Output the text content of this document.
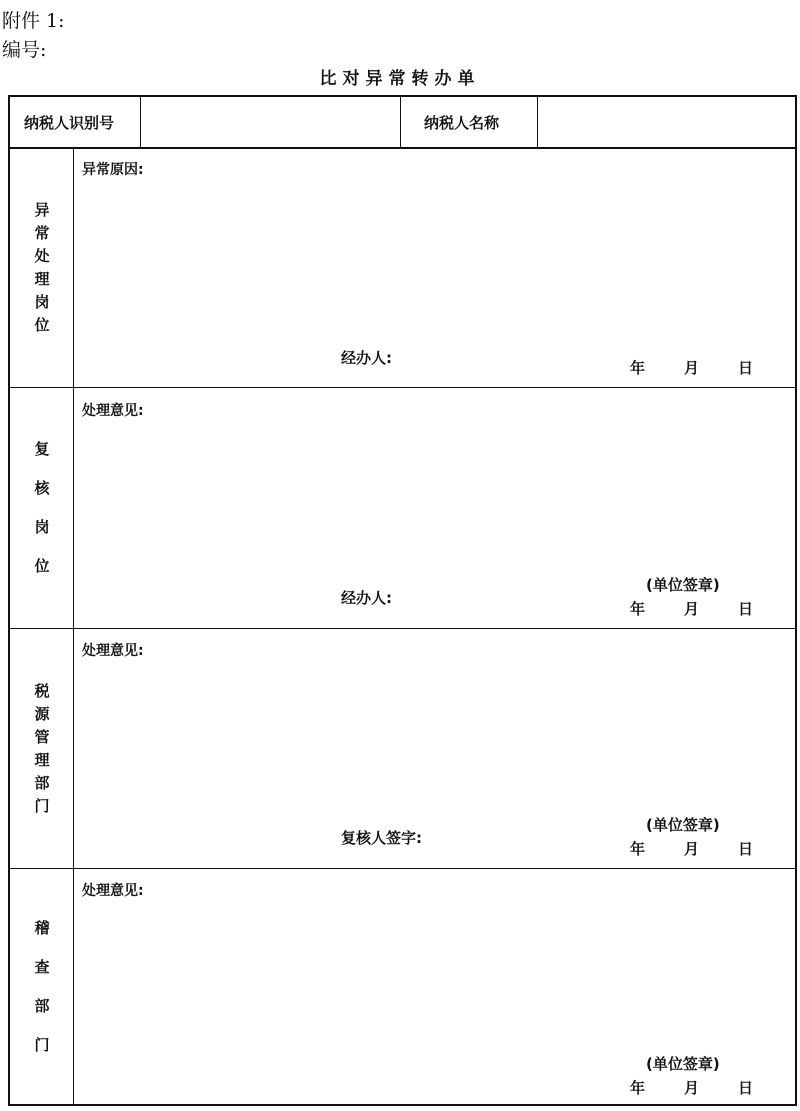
附件 1:
编号:
比对异常转办单
纳税人识别号	纳税人名称
异
常
处
理
岗
位
异常原因:
经办人:
年	月	日
复
核
岗
位
处理意见:
经办人:
(单位签章)
年	月	日
税
源
管
理
部
门
处理意见:
复核人签字:
(单位签章)
年	月	日
稽
查
部
门
处理意见:
(单位签章)
年	月	日
